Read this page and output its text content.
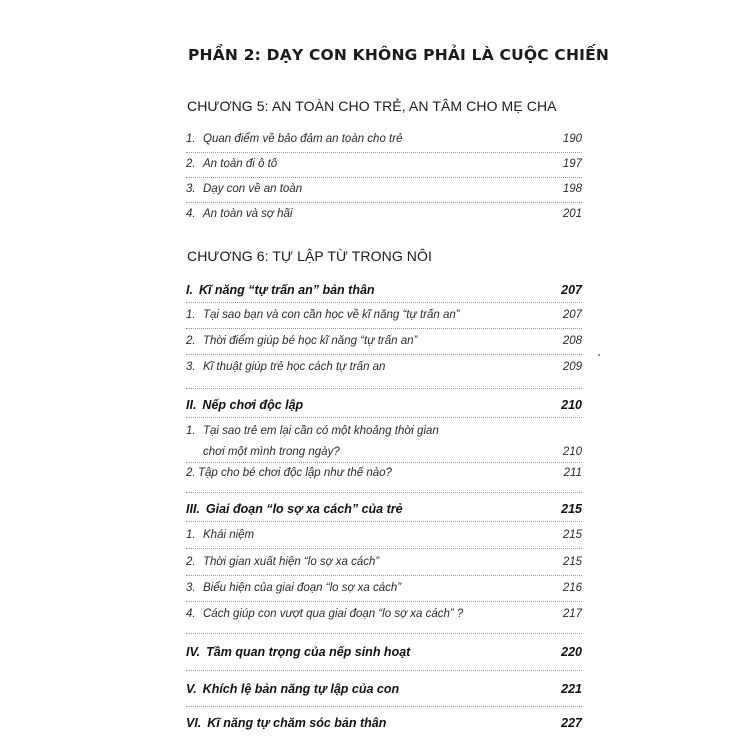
PHẦN 2: DẠY CON KHÔNG PHẢI LÀ CUỘC CHIẾN
CHƯƠNG 5: AN TOÀN CHO TRẺ, AN TÂM CHO MẸ CHA
1. Quan điểm về bảo đảm an toàn cho trẻ	190
2. An toàn đi ô tô	197
3. Dạy con về an toàn	198
4. An toàn và sợ hãi	201
CHƯƠNG 6: TỰ LẬP TỪ TRONG NÔI
I. Kĩ năng “tự trấn an” bản thân	207
1. Tại sao bạn và con cần học về kĩ năng “tự trấn an”	207
2. Thời điểm giúp bé học kĩ năng “tự trấn an”	208
3. Kĩ thuật giúp trẻ học cách tự trấn an	209
II. Nếp chơi độc lập	210
1. Tại sao trẻ em lại cần có một khoảng thời gian
chơi một mình trong ngày?	210
2. Tập cho bé chơi độc lập như thế nào?	211
III. Giai đoạn “lo sợ xa cách” của trẻ	215
1. Khái niệm	215
2. Thời gian xuất hiện “lo sợ xa cách”	215
3. Biểu hiện của giai đoạn “lo sợ xa cách”	216
4. Cách giúp con vượt qua giai đoạn “lo sợ xa cách” ?	217
IV. Tầm quan trọng của nếp sinh hoạt	220
V. Khích lệ bản năng tự lập của con	221
VI. Kĩ năng tự chăm sóc bản thân	227
